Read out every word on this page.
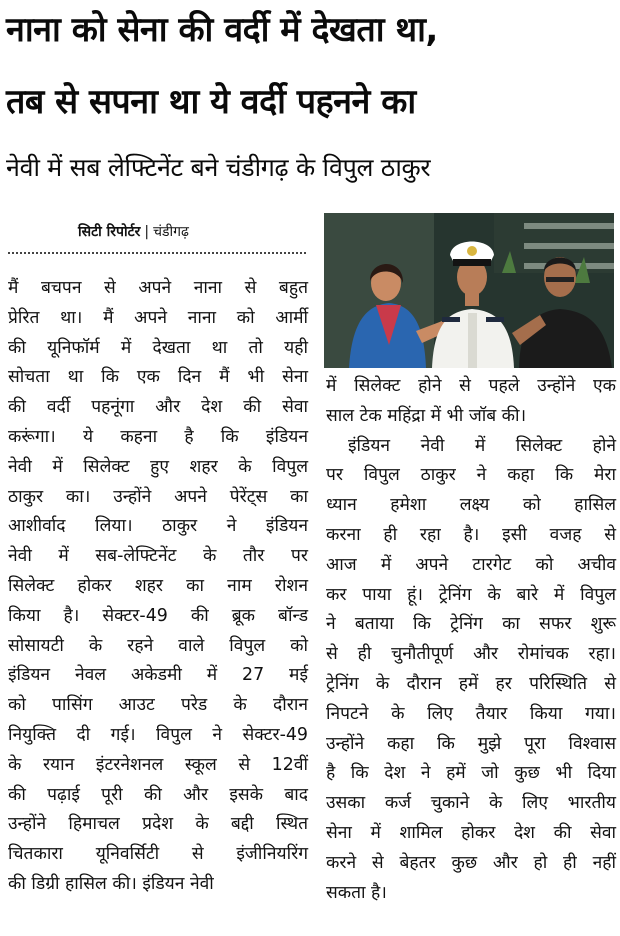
नाना को सेना की वर्दी में देखता था,
तब से सपना था ये वर्दी पहनने का
नेवी में सब लेफ्टिनेंट बने चंडीगढ़ के विपुल ठाकुर
सिटी रिपोर्टर | चंडीगढ़
मैं बचपन से अपने नाना से बहुत
प्रेरित था। मैं अपने नाना को आर्मी
की यूनिफॉर्म में देखता था तो यही
सोचता था कि एक दिन मैं भी सेना
की वर्दी पहनूंगा और देश की सेवा
करूंगा। ये कहना है कि इंडियन
नेवी में सिलेक्ट हुए शहर के विपुल
ठाकुर का। उन्होंने अपने पेरेंट्स का
आशीर्वाद लिया। ठाकुर ने इंडियन
नेवी में सब-लेफ्टिनेंट के तौर पर
सिलेक्ट होकर शहर का नाम रोशन
किया है। सेक्टर-49 की ब्रूक बॉन्ड
सोसायटी के रहने वाले विपुल को
इंडियन नेवल अकेडमी में 27 मई
को पासिंग आउट परेड के दौरान
नियुक्ति दी गई। विपुल ने सेक्टर-49
के रयान इंटरनेशनल स्कूल से 12वीं
की पढ़ाई पूरी की और इसके बाद
उन्होंने हिमाचल प्रदेश के बद्दी स्थित
चितकारा यूनिवर्सिटी से इंजीनियरिंग
की डिग्री हासिल की। इंडियन नेवी
में सिलेक्ट होने से पहले उन्होंने एक
साल टेक महिंद्रा में भी जॉब की।
इंडियन नेवी में सिलेक्ट होने
पर विपुल ठाकुर ने कहा कि मेरा
ध्यान हमेशा लक्ष्य को हासिल
करना ही रहा है। इसी वजह से
आज में अपने टारगेट को अचीव
कर पाया हूं। ट्रेनिंग के बारे में विपुल
ने बताया कि ट्रेनिंग का सफर शुरू
से ही चुनौतीपूर्ण और रोमांचक रहा।
ट्रेनिंग के दौरान हमें हर परिस्थिति से
निपटने के लिए तैयार किया गया।
उन्होंने कहा कि मुझे पूरा विश्वास
है कि देश ने हमें जो कुछ भी दिया
उसका कर्ज चुकाने के लिए भारतीय
सेना में शामिल होकर देश की सेवा
करने से बेहतर कुछ और हो ही नहीं
सकता है।
